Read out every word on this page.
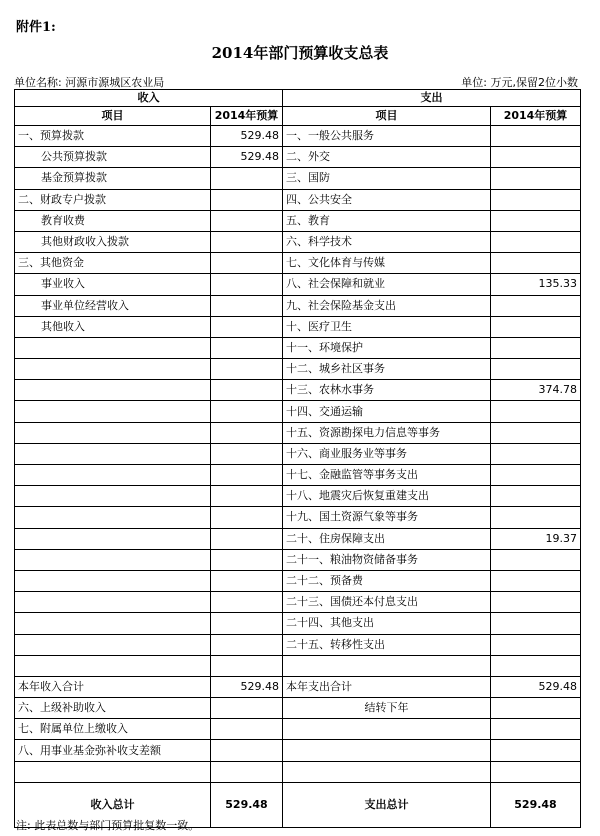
附件1:
2014年部门预算收支总表
单位名称: 河源市源城区农业局	单位: 万元,保留2位小数
收入		支出	
项目	2014年预算	项目	2014年预算
一、预算拨款	529.48	一、一般公共服务	
公共预算拨款	529.48	二、外交	
基金预算拨款		三、国防	
二、财政专户拨款		四、公共安全	
教育收费		五、教育	
其他财政收入拨款		六、科学技术	
三、其他资金		七、文化体育与传媒	
事业收入		八、社会保障和就业	135.33
事业单位经营收入		九、社会保险基金支出	
其他收入		十、医疗卫生	
		十一、环境保护	
		十二、城乡社区事务	
		十三、农林水事务	374.78
		十四、交通运输	
		十五、资源勘探电力信息等事务	
		十六、商业服务业等事务	
		十七、金融监管等事务支出	
		十八、地震灾后恢复重建支出	
		十九、国土资源气象等事务	
		二十、住房保障支出	19.37
		二十一、粮油物资储备事务	
		二十二、预备费	
		二十三、国债还本付息支出	
		二十四、其他支出	
		二十五、转移性支出	

本年收入合计	529.48	本年支出合计	529.48
六、上级补助收入		结转下年	
七、附属单位上缴收入			
八、用事业基金弥补收支差额			

收入总计	529.48	支出总计	529.48
注: 此表总数与部门预算批复数一致。
